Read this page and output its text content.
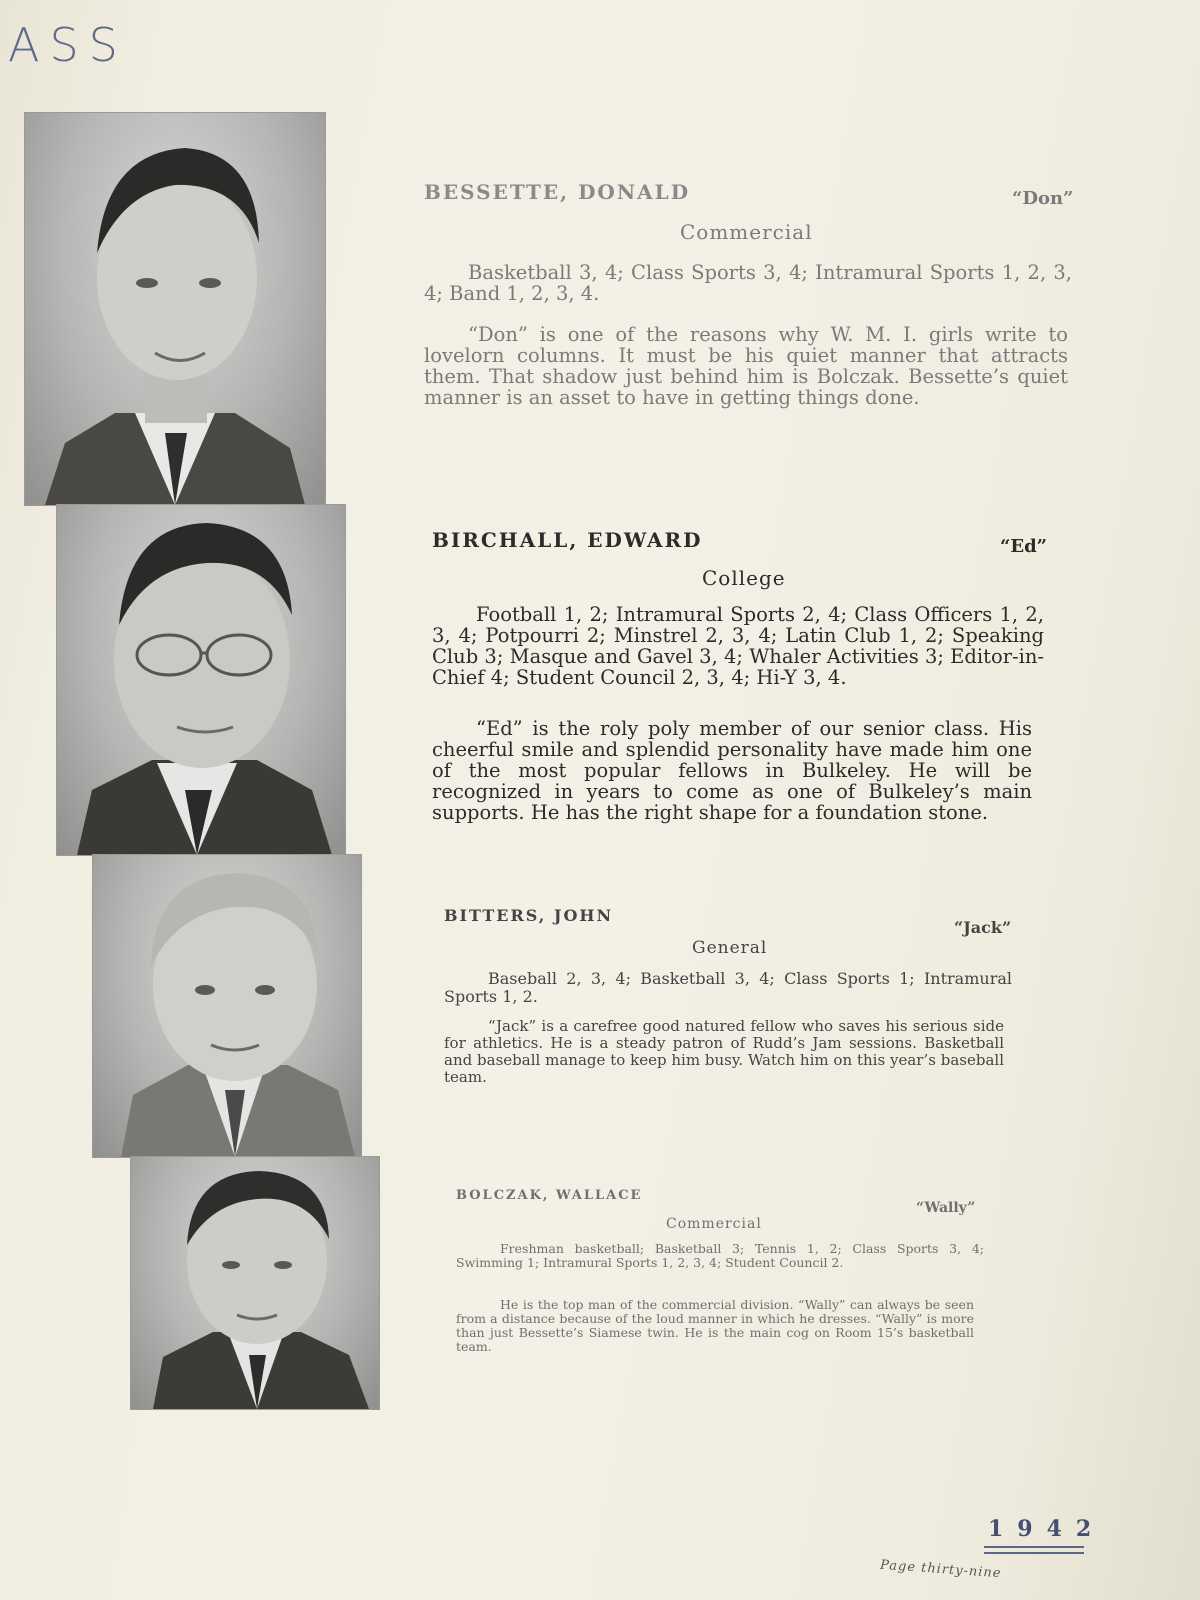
ASS
BESSETTE, DONALD	“Don”
Commercial

Basketball 3, 4; Class Sports 3, 4; Intramural Sports 1, 2, 3, 4; Band 1, 2, 3, 4.

“Don” is one of the reasons why W. M. I. girls write to lovelorn columns. It must be his quiet manner that attracts them. That shadow just behind him is Bolczak. Bessette’s quiet manner is an asset to have in getting things done.

BIRCHALL, EDWARD	“Ed”
College

Football 1, 2; Intramural Sports 2, 4; Class Officers 1, 2, 3, 4; Potpourri 2; Minstrel 2, 3, 4; Latin Club 1, 2; Speaking Club 3; Masque and Gavel 3, 4; Whaler Activities 3; Editor-in-Chief 4; Student Council 2, 3, 4; Hi-Y 3, 4.

“Ed” is the roly poly member of our senior class. His cheerful smile and splendid personality have made him one of the most popular fellows in Bulkeley. He will be recognized in years to come as one of Bulkeley’s main supports. He has the right shape for a foundation stone.

BITTERS, JOHN
“Jack”
General

Baseball 2, 3, 4; Basketball 3, 4; Class Sports 1; Intramural Sports 1, 2.

“Jack” is a carefree good natured fellow who saves his serious side for athletics. He is a steady patron of Rudd’s Jam sessions. Basketball and baseball manage to keep him busy. Watch him on this year’s baseball team.

BOLCZAK, WALLACE
“Wally”
Commercial

Freshman basketball; Basketball 3; Tennis 1, 2; Class Sports 3, 4; Swimming 1; Intramural Sports 1, 2, 3, 4; Student Council 2.

He is the top man of the commercial division. “Wally” can always be seen from a distance because of the loud manner in which he dresses. “Wally” is more than just Bessette’s Siamese twin. He is the main cog on Room 15’s basketball team.

1942
Page thirty-nine
